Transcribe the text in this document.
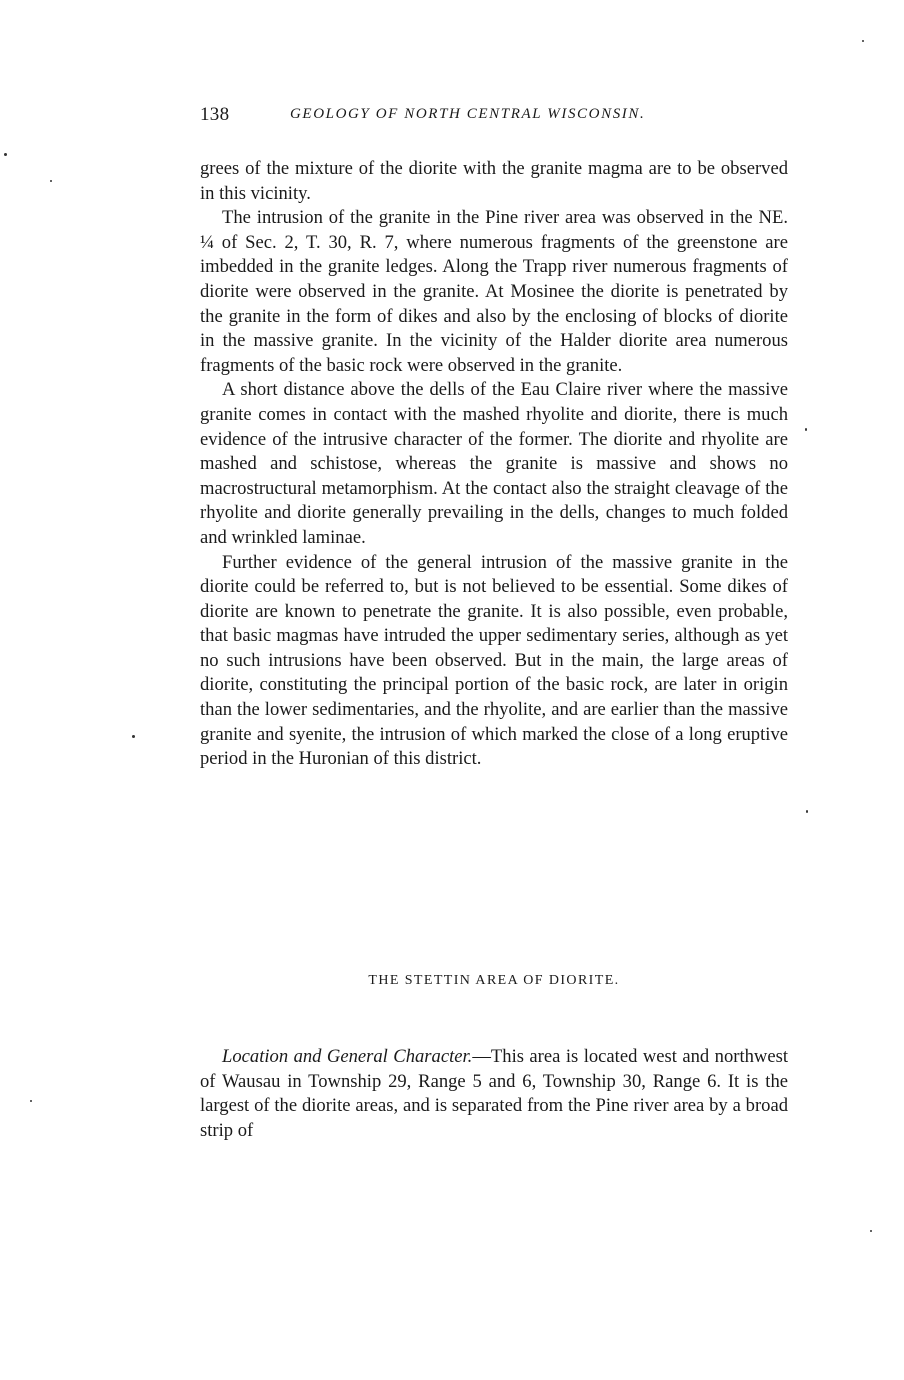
138	GEOLOGY OF NORTH CENTRAL WISCONSIN.

grees of the mixture of the diorite with the granite magma are to be observed in this vicinity.

The intrusion of the granite in the Pine river area was observed in the NE. ¼ of Sec. 2, T. 30, R. 7, where numerous fragments of the greenstone are imbedded in the granite ledges. Along the Trapp river numerous fragments of diorite were observed in the granite. At Mosinee the diorite is penetrated by the granite in the form of dikes and also by the enclosing of blocks of diorite in the massive granite. In the vicinity of the Halder diorite area numerous fragments of the basic rock were observed in the granite.

A short distance above the dells of the Eau Claire river where the massive granite comes in contact with the mashed rhyolite and diorite, there is much evidence of the intrusive character of the former. The diorite and rhyolite are mashed and schistose, whereas the granite is massive and shows no macrostructural metamorphism. At the contact also the straight cleavage of the rhyolite and diorite generally prevailing in the dells, changes to much folded and wrinkled laminae.

Further evidence of the general intrusion of the massive granite in the diorite could be referred to, but is not believed to be essential. Some dikes of diorite are known to penetrate the granite. It is also possible, even probable, that basic magmas have intruded the upper sedimentary series, although as yet no such intrusions have been observed. But in the main, the large areas of diorite, constituting the principal portion of the basic rock, are later in origin than the lower sedimentaries, and the rhyolite, and are earlier than the massive granite and syenite, the intrusion of which marked the close of a long eruptive period in the Huronian of this district.

THE STETTIN AREA OF DIORITE.

Location and General Character.—This area is located west and northwest of Wausau in Township 29, Range 5 and 6, Township 30, Range 6. It is the largest of the diorite areas, and is separated from the Pine river area by a broad strip of
